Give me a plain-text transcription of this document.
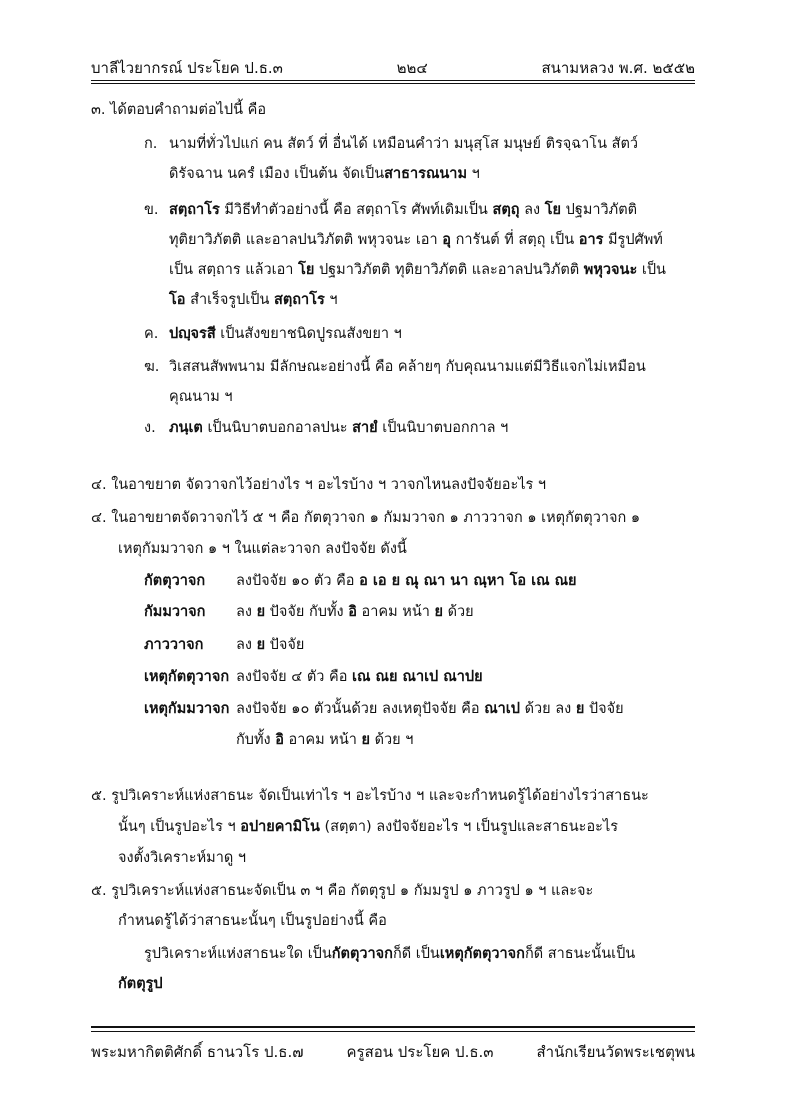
บาลีไวยากรณ์ ประโยค ป.ธ.๓	๒๒๔	สนามหลวง พ.ศ. ๒๕๕๒
๓. ได้ตอบคำถามต่อไปนี้ คือ
ก. นามที่ทั่วไปแก่ คน สัตว์ ที่ อื่นได้ เหมือนคำว่า มนุสฺโส มนุษย์ ติรจฺฉาโน สัตว์
ดิรัจฉาน นครํ เมือง เป็นต้น จัดเป็นสาธารณนาม ฯ
ข. สตฺถาโร มีวิธีทำตัวอย่างนี้ คือ สตฺถาโร ศัพท์เดิมเป็น สตฺถุ ลง โย ปฐมาวิภัตติ
ทุติยาวิภัตติ และอาลปนวิภัตติ พหุวจนะ เอา อุ การันต์ ที่ สตฺถุ เป็น อาร มีรูปศัพท์
เป็น สตฺถาร แล้วเอา โย ปฐมาวิภัตติ ทุติยาวิภัตติ และอาลปนวิภัตติ พหุวจนะ เป็น
โอ สำเร็จรูปเป็น สตฺถาโร ฯ
ค. ปญฺจรสี เป็นสังขยาชนิดปูรณสังขยา ฯ
ฆ. วิเสสนสัพพนาม มีลักษณะอย่างนี้ คือ คล้ายๆ กับคุณนามแต่มีวิธีแจกไม่เหมือน
คุณนาม ฯ
ง. ภนฺเต เป็นนิบาตบอกอาลปนะ สายํ เป็นนิบาตบอกกาล ฯ
๔. ในอาขยาต จัดวาจกไว้อย่างไร ฯ อะไรบ้าง ฯ วาจกไหนลงปัจจัยอะไร ฯ
๔. ในอาขยาตจัดวาจกไว้ ๕ ฯ คือ กัตตุวาจก ๑ กัมมวาจก ๑ ภาววาจก ๑ เหตุกัตตุวาจก ๑
เหตุกัมมวาจก ๑ ฯ ในแต่ละวาจก ลงปัจจัย ดังนี้
กัตตุวาจก ลงปัจจัย ๑๐ ตัว คือ อ เอ ย ณุ ณา นา ณฺหา โอ เณ ณย
กัมมวาจก ลง ย ปัจจัย กับทั้ง อิ อาคม หน้า ย ด้วย
ภาววาจก ลง ย ปัจจัย
เหตุกัตตุวาจก ลงปัจจัย ๔ ตัว คือ เณ ณย ณาเป ณาปย
เหตุกัมมวาจก ลงปัจจัย ๑๐ ตัวนั้นด้วย ลงเหตุปัจจัย คือ ณาเป ด้วย ลง ย ปัจจัย
กับทั้ง อิ อาคม หน้า ย ด้วย ฯ
๕. รูปวิเคราะห์แห่งสาธนะ จัดเป็นเท่าไร ฯ อะไรบ้าง ฯ และจะกำหนดรู้ได้อย่างไรว่าสาธนะ
นั้นๆ เป็นรูปอะไร ฯ อปายคามิโน (สตฺตา) ลงปัจจัยอะไร ฯ เป็นรูปและสาธนะอะไร
จงตั้งวิเคราะห์มาดู ฯ
๕. รูปวิเคราะห์แห่งสาธนะจัดเป็น ๓ ฯ คือ กัตตุรูป ๑ กัมมรูป ๑ ภาวรูป ๑ ฯ และจะ
กำหนดรู้ได้ว่าสาธนะนั้นๆ เป็นรูปอย่างนี้ คือ
รูปวิเคราะห์แห่งสาธนะใด เป็นกัตตุวาจกก็ดี เป็นเหตุกัตตุวาจกก็ดี สาธนะนั้นเป็น
กัตตุรูป
พระมหากิตติศักดิ์ ธานวโร ป.ธ.๗	ครูสอน ประโยค ป.ธ.๓	สำนักเรียนวัดพระเชตุพน
